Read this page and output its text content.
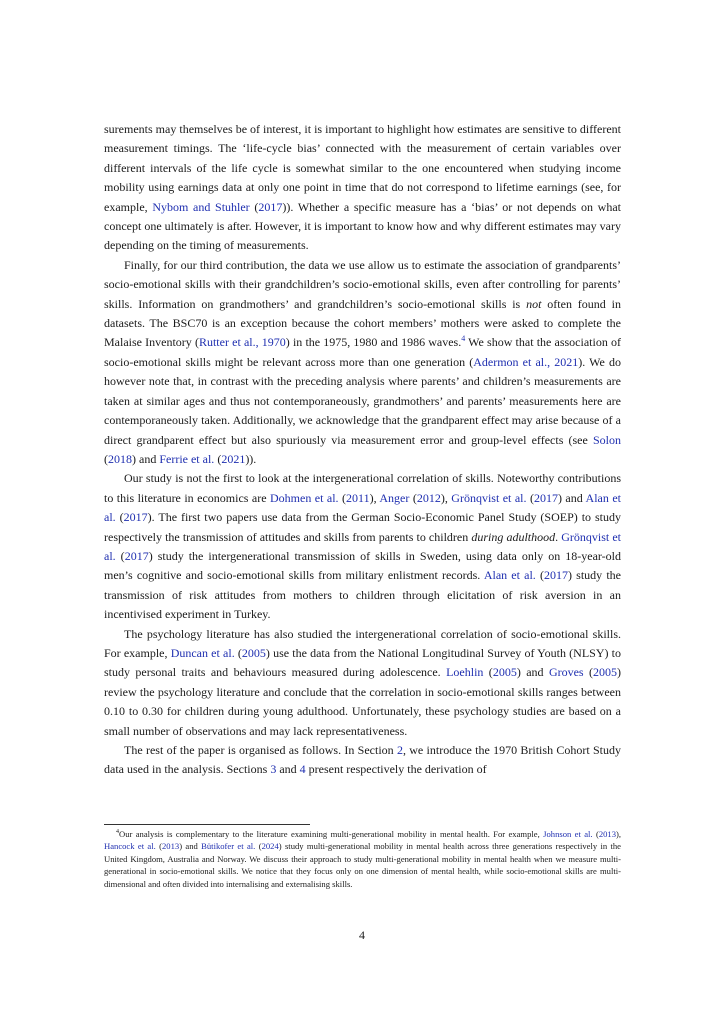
surements may themselves be of interest, it is important to highlight how estimates are sensitive to different measurement timings. The ‘life-cycle bias’ connected with the measurement of certain variables over different intervals of the life cycle is somewhat similar to the one encountered when studying income mobility using earnings data at only one point in time that do not correspond to lifetime earnings (see, for example, Nybom and Stuhler (2017)). Whether a specific measure has a ‘bias’ or not depends on what concept one ultimately is after. However, it is important to know how and why different estimates may vary depending on the timing of measurements.

Finally, for our third contribution, the data we use allow us to estimate the association of grandparents’ socio-emotional skills with their grandchildren’s socio-emotional skills, even after controlling for parents’ skills. Information on grandmothers’ and grandchildren’s socio-emotional skills is not often found in datasets. The BSC70 is an exception because the cohort members’ mothers were asked to complete the Malaise Inventory (Rutter et al., 1970) in the 1975, 1980 and 1986 waves.$^4$ We show that the association of socio-emotional skills might be relevant across more than one generation (Adermon et al., 2021). We do however note that, in contrast with the preceding analysis where parents’ and children’s measurements are taken at similar ages and thus not contemporaneously, grandmothers’ and parents’ measurements here are contemporaneously taken. Additionally, we acknowledge that the grandparent effect may arise because of a direct grandparent effect but also spuriously via measurement error and group-level effects (see Solon (2018) and Ferrie et al. (2021)).

Our study is not the first to look at the intergenerational correlation of skills. Noteworthy contributions to this literature in economics are Dohmen et al. (2011), Anger (2012), Grönqvist et al. (2017) and Alan et al. (2017). The first two papers use data from the German Socio-Economic Panel Study (SOEP) to study respectively the transmission of attitudes and skills from parents to children during adulthood. Grönqvist et al. (2017) study the intergenerational transmission of skills in Sweden, using data only on 18-year-old men’s cognitive and socio-emotional skills from military enlistment records. Alan et al. (2017) study the transmission of risk attitudes from mothers to children through elicitation of risk aversion in an incentivised experiment in Turkey.

The psychology literature has also studied the intergenerational correlation of socio-emotional skills. For example, Duncan et al. (2005) use the data from the National Longitudinal Survey of Youth (NLSY) to study personal traits and behaviours measured during adolescence. Loehlin (2005) and Groves (2005) review the psychology literature and conclude that the correlation in socio-emotional skills ranges between 0.10 to 0.30 for children during young adulthood. Unfortunately, these psychology studies are based on a small number of observations and may lack representativeness.

The rest of the paper is organised as follows. In Section 2, we introduce the 1970 British Cohort Study data used in the analysis. Sections 3 and 4 present respectively the derivation of

$^4$Our analysis is complementary to the literature examining multi-generational mobility in mental health. For example, Johnson et al. (2013), Hancock et al. (2013) and Bütikofer et al. (2024) study multi-generational mobility in mental health across three generations respectively in the United Kingdom, Australia and Norway. We discuss their approach to study multi-generational mobility in mental health when we measure multi-generational in socio-emotional skills. We notice that they focus only on one dimension of mental health, while socio-emotional skills are multi-dimensional and often divided into internalising and externalising skills.

4
